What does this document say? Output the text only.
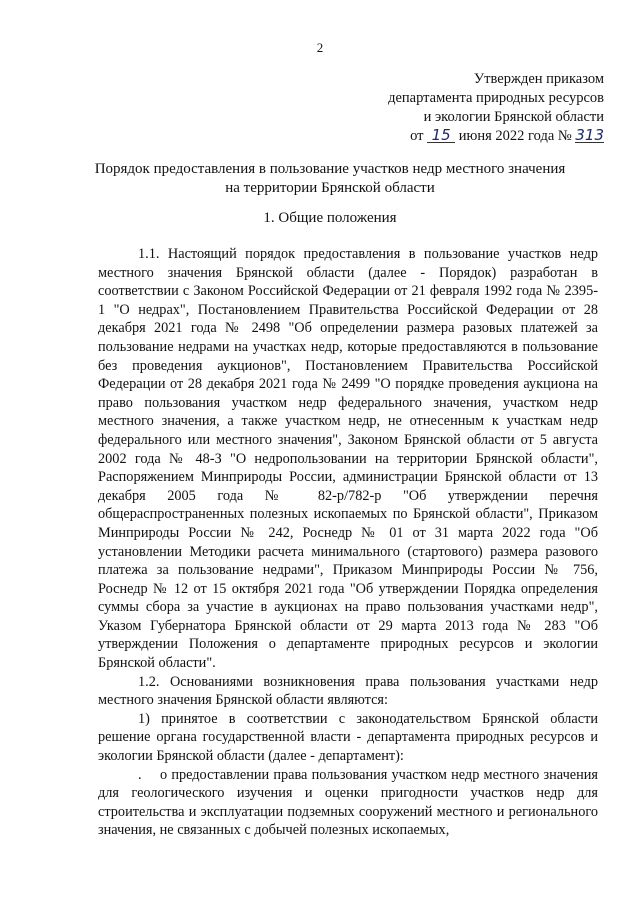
2
Утвержден приказом
департамента природных ресурсов
и экологии Брянской области
от 15 июня 2022 года № 313
Порядок предоставления в пользование участков недр местного значения
на территории Брянской области
1. Общие положения

1.1. Настоящий порядок предоставления в пользование участков недр местного значения Брянской области (далее - Порядок) разработан в соответствии с Законом Российской Федерации от 21 февраля 1992 года № 2395-1 "О недрах", Постановлением Правительства Российской Федерации от 28 декабря 2021 года № 2498 "Об определении размера разовых платежей за пользование недрами на участках недр, которые предоставляются в пользование без проведения аукционов", Постановлением Правительства Российской Федерации от 28 декабря 2021 года № 2499 "О порядке проведения аукциона на право пользования участком недр федерального значения, участком недр местного значения, а также участком недр, не отнесенным к участкам недр федерального или местного значения", Законом Брянской области от 5 августа 2002 года № 48-З "О недропользовании на территории Брянской области", Распоряжением Минприроды России, администрации Брянской области от 13 декабря 2005 года № 82-р/782-р "Об утверждении перечня общераспространенных полезных ископаемых по Брянской области", Приказом Минприроды России № 242, Роснедр № 01 от 31 марта 2022 года "Об установлении Методики расчета минимального (стартового) размера разового платежа за пользование недрами", Приказом Минприроды России № 756, Роснедр № 12 от 15 октября 2021 года "Об утверждении Порядка определения суммы сбора за участие в аукционах на право пользования участками недр", Указом Губернатора Брянской области от 29 марта 2013 года № 283 "Об утверждении Положения о департаменте природных ресурсов и экологии Брянской области".

1.2. Основаниями возникновения права пользования участками недр местного значения Брянской области являются:

1) принятое в соответствии с законодательством Брянской области решение органа государственной власти - департамента природных ресурсов и экологии Брянской области (далее - департамент):

. о предоставлении права пользования участком недр местного значения для геологического изучения и оценки пригодности участков недр для строительства и эксплуатации подземных сооружений местного и регионального значения, не связанных с добычей полезных ископаемых,
